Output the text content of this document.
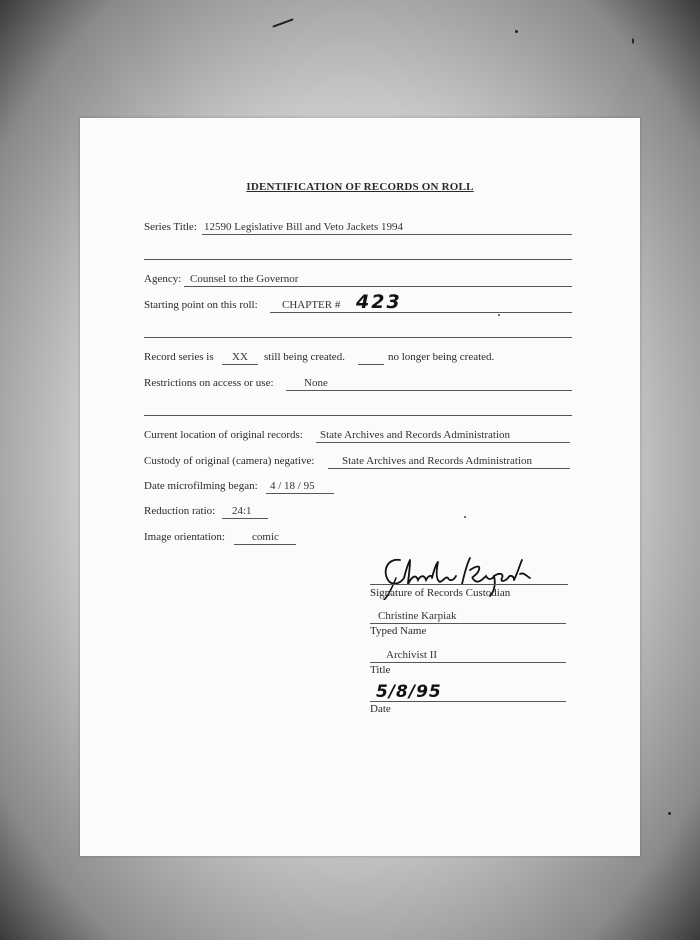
IDENTIFICATION OF RECORDS ON ROLL
Series Title: 12590 Legislative Bill and Veto Jackets 1994
Agency: Counsel to the Governor
Starting point on this roll: CHAPTER # 423
Record series is XX still being created.	no longer being created.
Restrictions on access or use:	None
Current location of original records: State Archives and Records Administration
Custody of original (camera) negative:	State Archives and Records Administration
Date microfilming began: 4 / 18 / 95
Reduction ratio: 24:1
Image orientation: comic
Signature of Records Custodian
Christine Karpiak
Typed Name
Archivist II
Title
5/8/95
Date
